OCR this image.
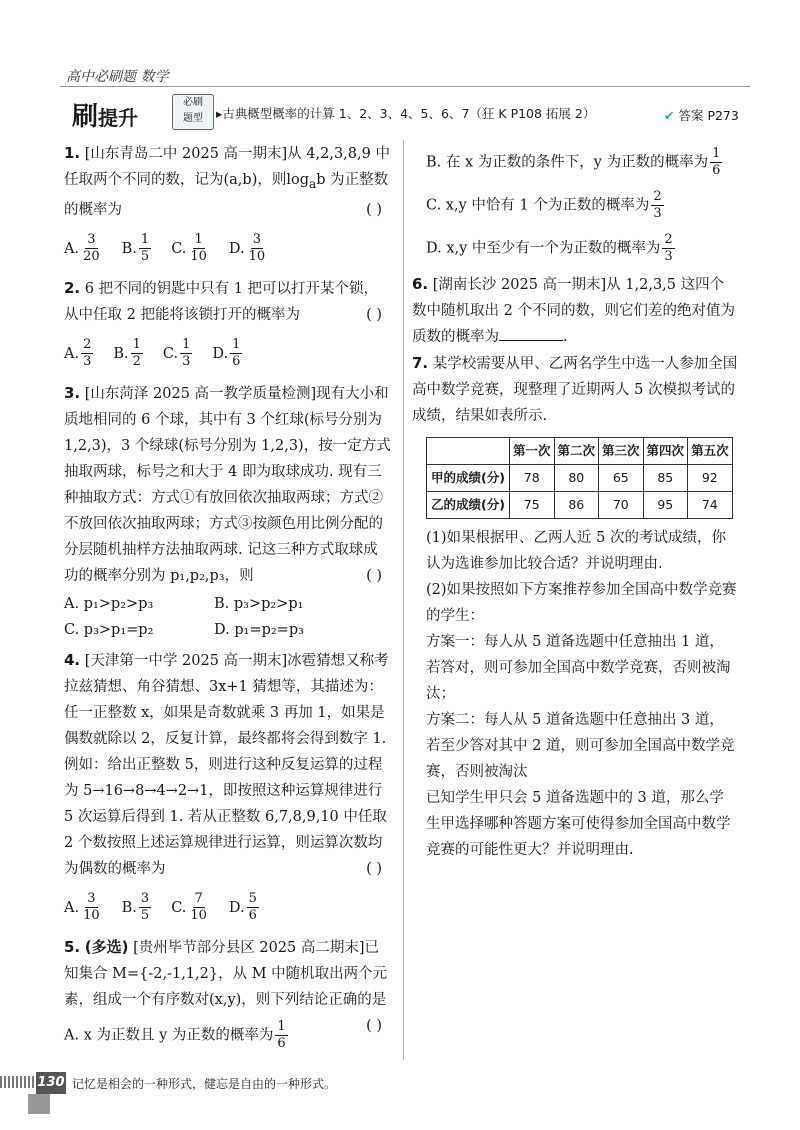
高中必刷题 数学
刷提升
必刷
题型	▸古典概型概率的计算 1、2、3、4、5、6、7（狂 K P108 拓展 2）	✔ 答案 P273

1. [山东青岛二中 2025 高一期末]从 4,2,3,8,9 中任取两个不同的数，记为(a,b)，则$\log_ab$ 为正整数的概率为	( )

A. $\frac{3}{20} B$. $\frac{1}{5} C$. $\frac{1}{10} D$. $\frac{3}{10}$

2. 6 把不同的钥匙中只有 1 把可以打开某个锁，从中任取 2 把能将该锁打开的概率为	( )

A. $\frac{2}{3} B$. $\frac{1}{2} C$. $\frac{1}{3} D$. $\frac{1}{6}$

3. [山东菏泽 2025 高一教学质量检测]现有大小和质地相同的 6 个球，其中有 3 个红球(标号分别为 1,2,3)，3 个绿球(标号分别为 1,2,3)，按一定方式抽取两球，标号之和大于 4 即为取球成功. 现有三种抽取方式：方式①有放回依次抽取两球；方式②不放回依次抽取两球；方式③按颜色用比例分配的分层随机抽样方法抽取两球. 记这三种方式取球成功的概率分别为 p₁,p₂,p₃，则	( )

A. p₁>p₂>p₃	B. p₃>p₂>p₁
C. p₃>p₁=p₂	D. p₁=p₂=p₃

4. [天津第一中学 2025 高一期末]冰雹猜想又称考拉兹猜想、角谷猜想、3x+1 猜想等，其描述为：任一正整数 x，如果是奇数就乘 3 再加 1，如果是偶数就除以 2，反复计算，最终都将会得到数字 1. 例如：给出正整数 5，则进行这种反复运算的过程为 5→16→8→4→2→1，即按照这种运算规律进行 5 次运算后得到 1. 若从正整数 6,7,8,9,10 中任取 2 个数按照上述运算规律进行运算，则运算次数均为偶数的概率为	( )

A. $\frac{3}{10} B$. $\frac{3}{5} C$. $\frac{7}{10} D$. $\frac{5}{6}$

5. (多选) [贵州毕节部分县区 2025 高二期末]已知集合 M={-2,-1,1,2}，从 M 中随机取出两个元素，组成一个有序数对(x,y)，则下列结论正确的是
( )

A. x 为正数且 y 为正数的概率为 $\frac{1}{6}$

B. 在 x 为正数的条件下，y 为正数的概率为 $\frac{1}{6}$

C. x,y 中恰有 1 个为正数的概率为 $\frac{2}{3}$

D. x,y 中至少有一个为正数的概率为 $\frac{2}{3}$

6. [湖南长沙 2025 高一期末]从 1,2,3,5 这四个数中随机取出 2 个不同的数，则它们差的绝对值为质数的概率为	.

7. 某学校需要从甲、乙两名学生中选一人参加全国高中数学竞赛，现整理了近期两人 5 次模拟考试的成绩，结果如表所示.

	第一次	第二次	第三次	第四次	第五次
甲的成绩(分)	78	80	65	85	92
乙的成绩(分)	75	86	70	95	74

(1)如果根据甲、乙两人近 5 次的考试成绩，你认为选谁参加比较合适？并说明理由.

(2)如果按照如下方案推荐参加全国高中数学竞赛的学生：

方案一：每人从 5 道备选题中任意抽出 1 道，若答对，则可参加全国高中数学竞赛，否则被淘汰；

方案二：每人从 5 道备选题中任意抽出 3 道，若至少答对其中 2 道，则可参加全国高中数学竞赛，否则被淘汰

已知学生甲只会 5 道备选题中的 3 道，那么学生甲选择哪种答题方案可使得参加全国高中数学竞赛的可能性更大？并说明理由.

130 记忆是相会的一种形式，健忘是自由的一种形式。
